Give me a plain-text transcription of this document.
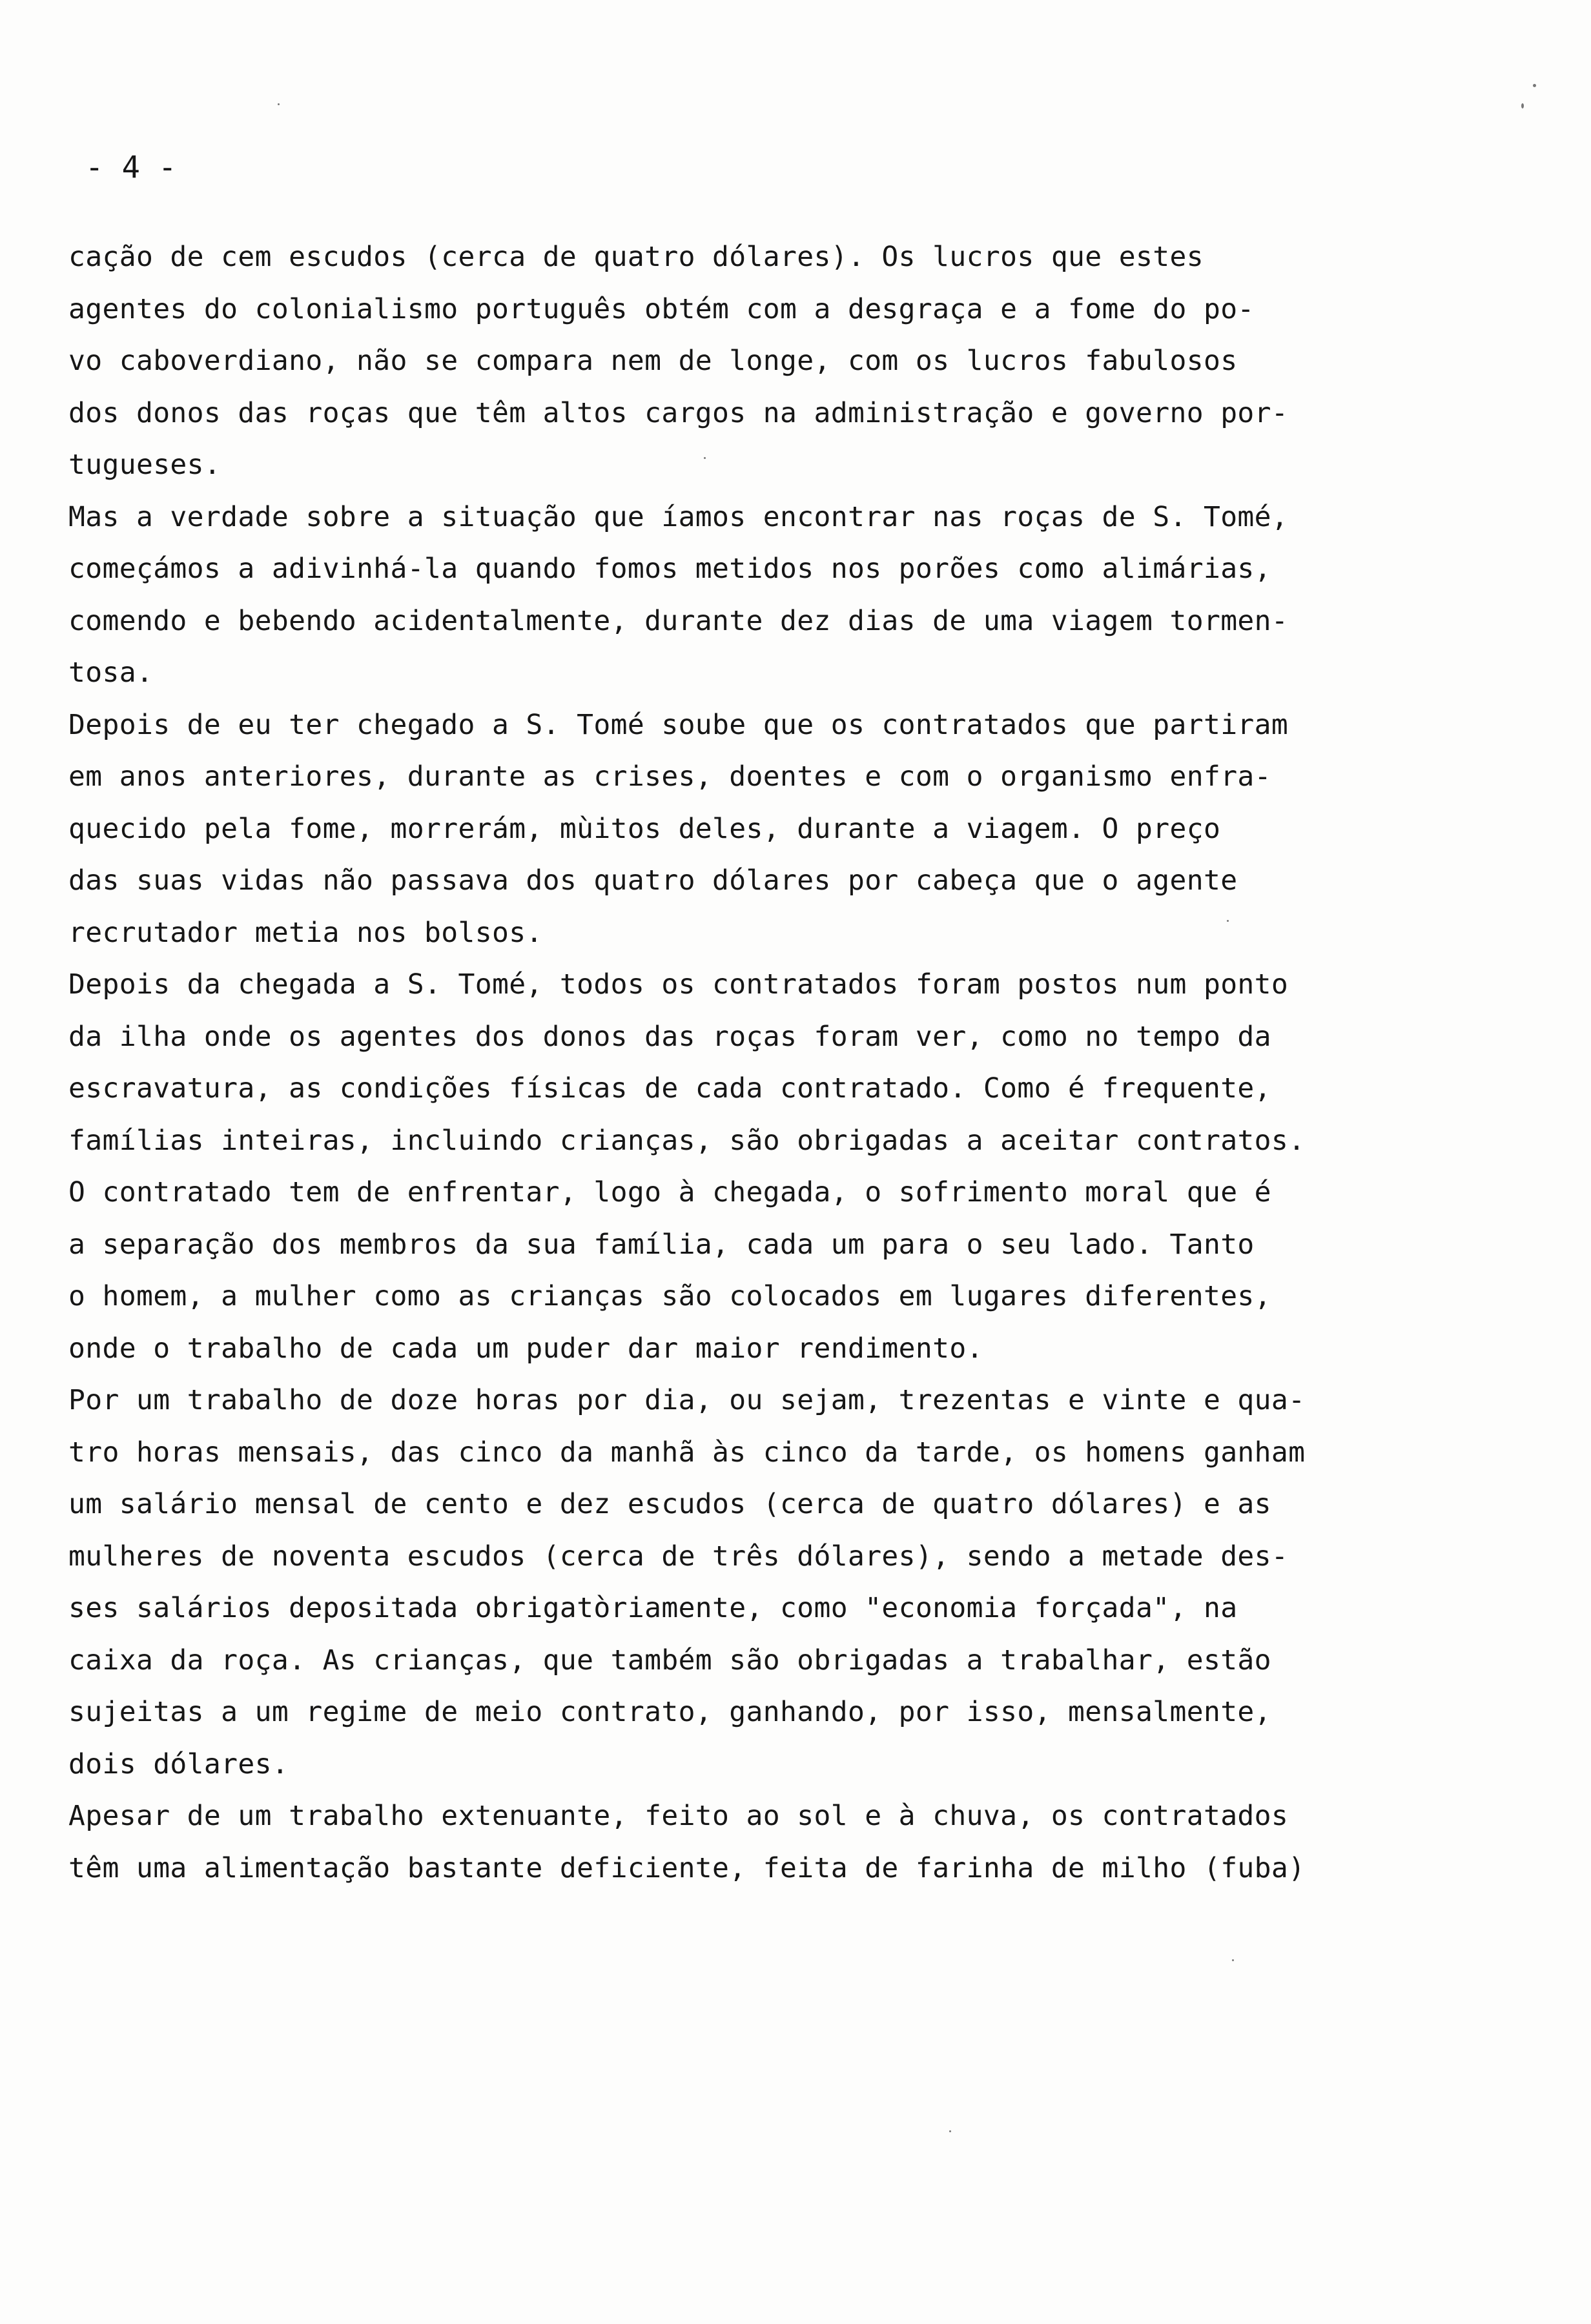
- 4 -

cação de cem escudos (cerca de quatro dólares). Os lucros que estes
agentes do colonialismo português obtém com a desgraça e a fome do po-
vo caboverdiano, não se compara nem de longe, com os lucros fabulosos
dos donos das roças que têm altos cargos na administração e governo por-
tugueses.
Mas a verdade sobre a situação que íamos encontrar nas roças de S. Tomé,
começámos a adivinhá-la quando fomos metidos nos porões como alimárias,
comendo e bebendo acidentalmente, durante dez dias de uma viagem tormen-
tosa.
Depois de eu ter chegado a S. Tomé soube que os contratados que partiram
em anos anteriores, durante as crises, doentes e com o organismo enfra-
quecido pela fome, morrerám, mùitos deles, durante a viagem. O preço
das suas vidas não passava dos quatro dólares por cabeça que o agente
recrutador metia nos bolsos.
Depois da chegada a S. Tomé, todos os contratados foram postos num ponto
da ilha onde os agentes dos donos das roças foram ver, como no tempo da
escravatura, as condições físicas de cada contratado. Como é frequente,
famílias inteiras, incluindo crianças, são obrigadas a aceitar contratos.
O contratado tem de enfrentar, logo à chegada, o sofrimento moral que é
a separação dos membros da sua família, cada um para o seu lado. Tanto
o homem, a mulher como as crianças são colocados em lugares diferentes,
onde o trabalho de cada um puder dar maior rendimento.
Por um trabalho de doze horas por dia, ou sejam, trezentas e vinte e qua-
tro horas mensais, das cinco da manhã às cinco da tarde, os homens ganham
um salário mensal de cento e dez escudos (cerca de quatro dólares) e as
mulheres de noventa escudos (cerca de três dólares), sendo a metade des-
ses salários depositada obrigatòriamente, como "economia forçada", na
caixa da roça. As crianças, que também são obrigadas a trabalhar, estão
sujeitas a um regime de meio contrato, ganhando, por isso, mensalmente,
dois dólares.
Apesar de um trabalho extenuante, feito ao sol e à chuva, os contratados
têm uma alimentação bastante deficiente, feita de farinha de milho (fuba)
